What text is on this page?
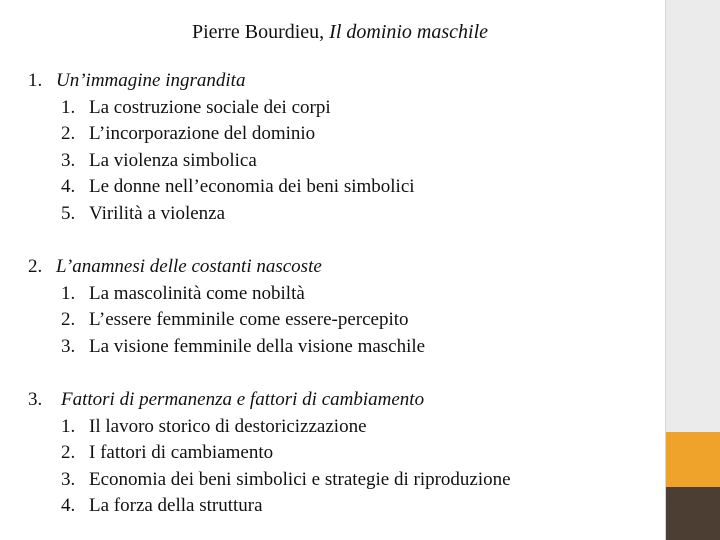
Pierre Bourdieu, Il dominio maschile
1. Un’immagine ingrandita
1. La costruzione sociale dei corpi
2. L’incorporazione del dominio
3. La violenza simbolica
4. Le donne nell’economia dei beni simbolici
5. Virilità a violenza
2. L’anamnesi delle costanti nascoste
1. La mascolinità come nobiltà
2. L’essere femminile come essere-percepito
3. La visione femminile della visione maschile
3. Fattori di permanenza e fattori di cambiamento
1. Il lavoro storico di destoricizzazione
2. I fattori di cambiamento
3. Economia dei beni simbolici e strategie di riproduzione
4. La forza della struttura
